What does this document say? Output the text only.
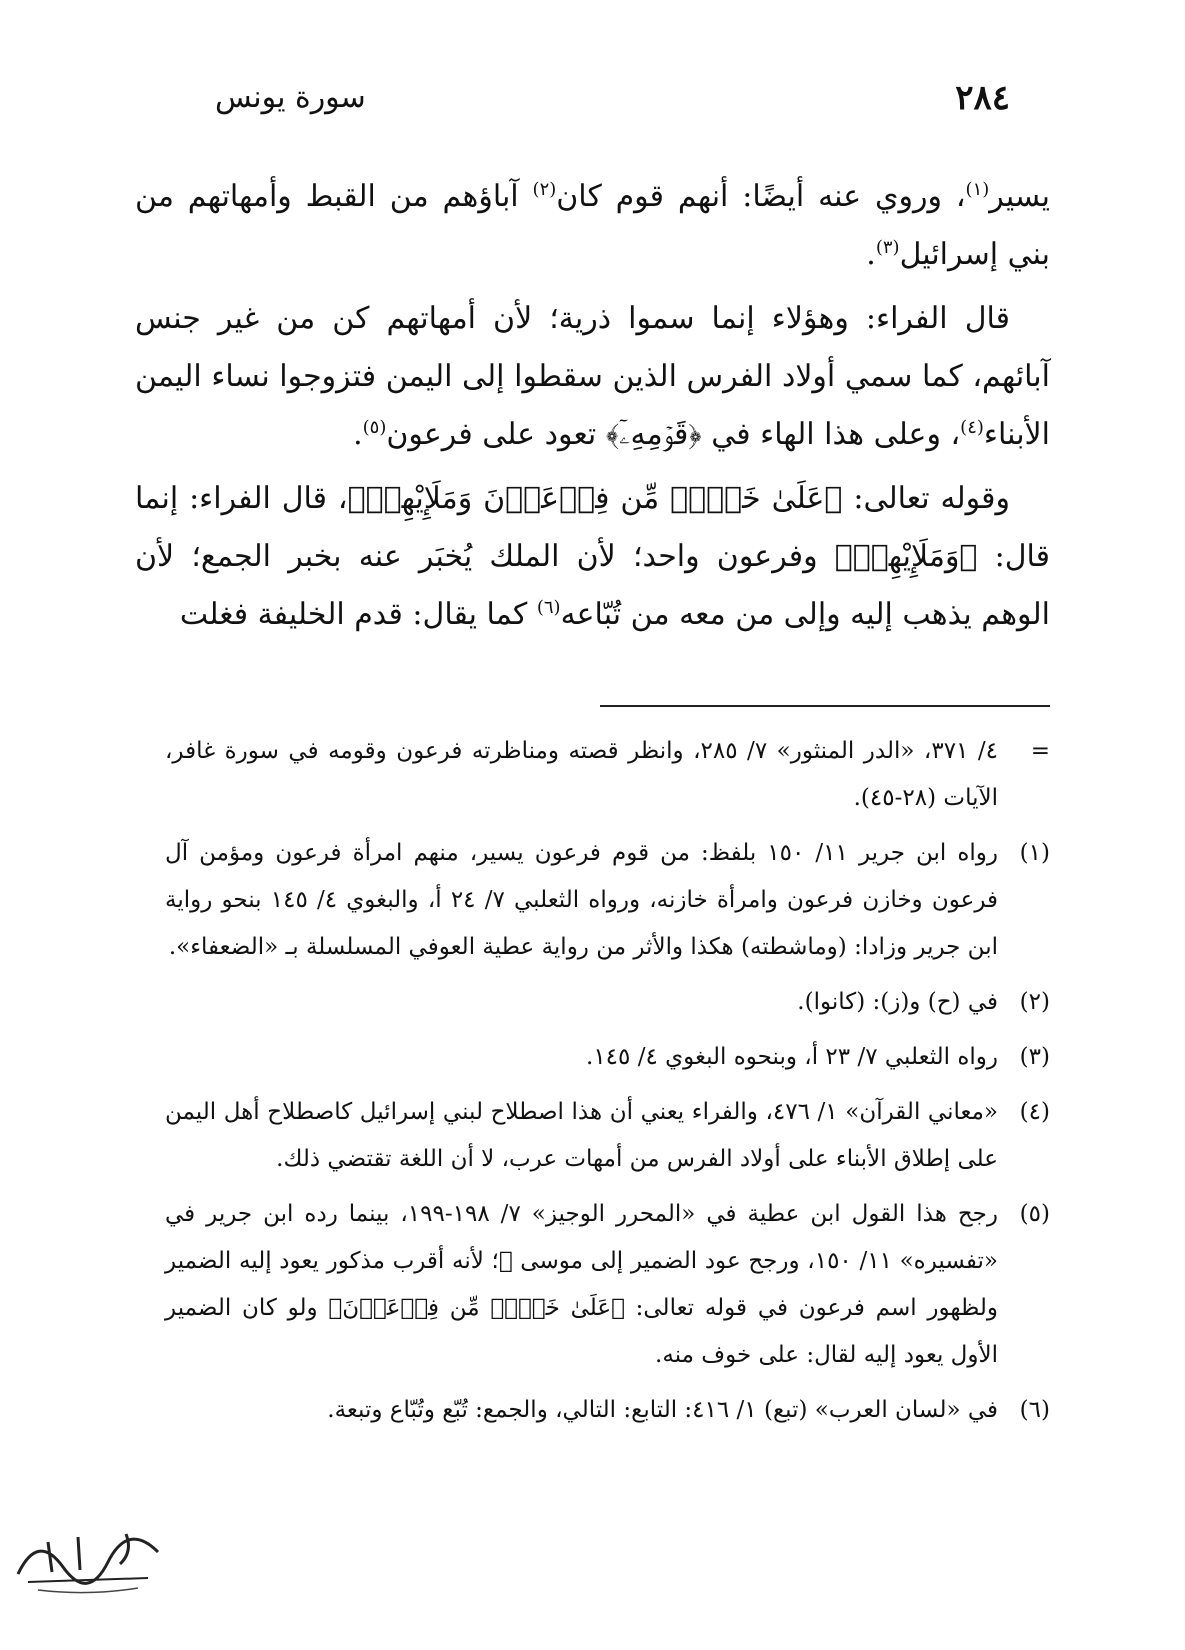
٢٨٤
سورة يونس

يسير$^{(١)}$، وروي عنه أيضًا: أنهم قوم كان$^{(٢)}$ آباؤهم من القبط وأمهاتهم من بني إسرائيل$^{(٣)}$.

قال الفراء: وهؤلاء إنما سموا ذرية؛ لأن أمهاتهم كن من غير جنس آبائهم، كما سمي أولاد الفرس الذين سقطوا إلى اليمن فتزوجوا نساء اليمن الأبناء$^{(٤)}$، وعلى هذا الهاء في ﴿قَوۡمِهِۦٓ﴾ تعود على فرعون$^{(٥)}$.

وقوله تعالى: ﴿عَلَىٰ خَوۡفٖ مِّن فِرۡعَوۡنَ وَمَلَإِيْهِمۡ﴾، قال الفراء: إنما قال: ﴿وَمَلَإِيْهِمۡ﴾ وفرعون واحد؛ لأن الملك يُخبَر عنه بخبر الجمع؛ لأن الوهم يذهب إليه وإلى من معه من تُبّاعه$^{(٦)}$ كما يقال: قدم الخليفة فغلت

=
٤/ ٣٧١، «الدر المنثور» ٧/ ٢٨٥، وانظر قصته ومناظرته فرعون وقومه في سورة غافر، الآيات (٢٨-٤٥).
(١)
رواه ابن جرير ١١/ ١٥٠ بلفظ: من قوم فرعون يسير، منهم امرأة فرعون ومؤمن آل فرعون وخازن فرعون وامرأة خازنه، ورواه الثعلبي ٧/ ٢٤ أ، والبغوي ٤/ ١٤٥ بنحو رواية ابن جرير وزادا: (وماشطته) هكذا والأثر من رواية عطية العوفي المسلسلة بـ «الضعفاء».
(٢)
في (ح) و(ز): (كانوا).
(٣)
رواه الثعلبي ٧/ ٢٣ أ، وبنحوه البغوي ٤/ ١٤٥.
(٤)
«معاني القرآن» ١/ ٤٧٦، والفراء يعني أن هذا اصطلاح لبني إسرائيل كاصطلاح أهل اليمن على إطلاق الأبناء على أولاد الفرس من أمهات عرب، لا أن اللغة تقتضي ذلك.
(٥)
رجح هذا القول ابن عطية في «المحرر الوجيز» ٧/ ١٩٨-١٩٩، بينما رده ابن جرير في «تفسيره» ١١/ ١٥٠، ورجح عود الضمير إلى موسى ﷺ؛ لأنه أقرب مذكور يعود إليه الضمير ولظهور اسم فرعون في قوله تعالى: ﴿عَلَىٰ خَوۡفٖ مِّن فِرۡعَوۡنَ﴾ ولو كان الضمير الأول يعود إليه لقال: على خوف منه.
(٦)
في «لسان العرب» (تبع) ١/ ٤١٦: التابع: التالي، والجمع: تُبّع وتُبّاع وتبعة.
